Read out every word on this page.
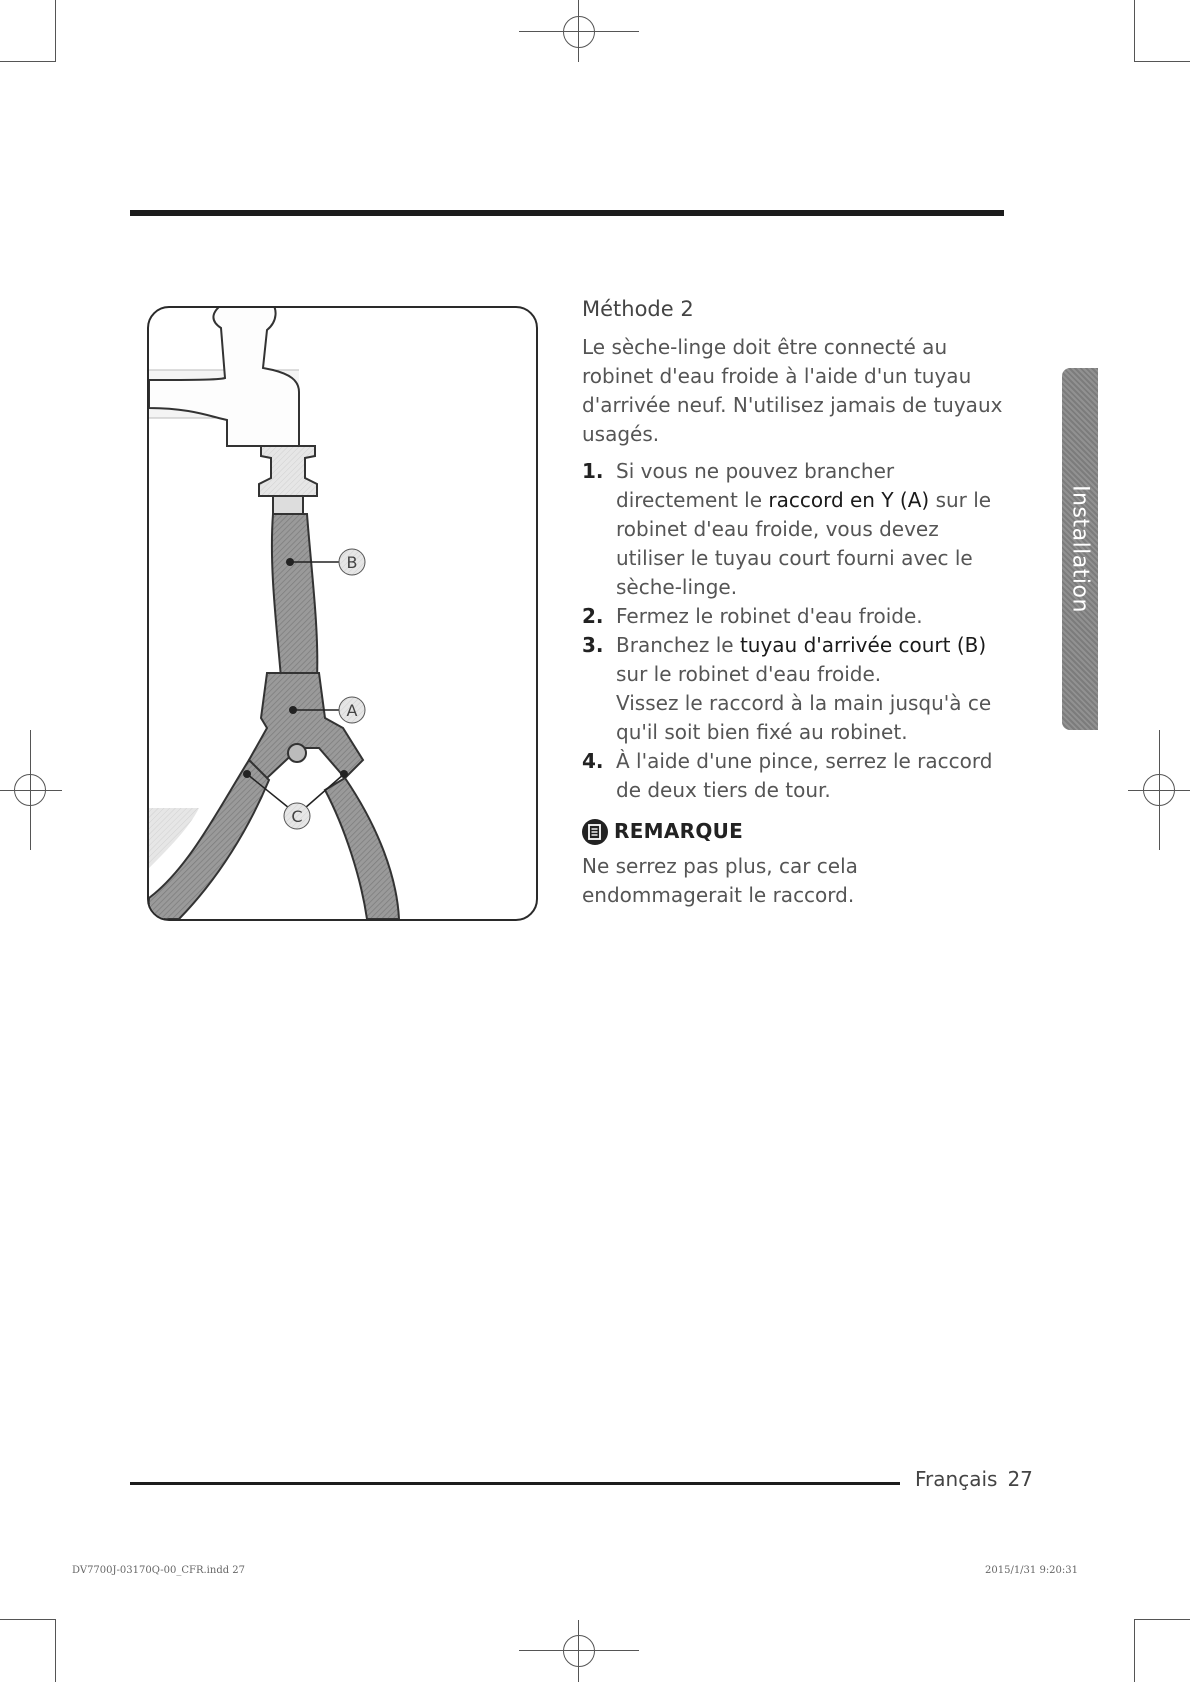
B
A
C

Méthode 2

Le sèche-linge doit être connecté au robinet d'eau froide à l'aide d'un tuyau d'arrivée neuf. N'utilisez jamais de tuyaux usagés.

1. Si vous ne pouvez brancher directement le raccord en Y (A) sur le robinet d'eau froide, vous devez utiliser le tuyau court fourni avec le sèche-linge.
2. Fermez le robinet d'eau froide.
3. Branchez le tuyau d'arrivée court (B) sur le robinet d'eau froide.

Vissez le raccord à la main jusqu'à ce qu'il soit bien fixé au robinet.

4. À l'aide d'une pince, serrez le raccord de deux tiers de tour.
REMARQUE

Ne serrez pas plus, car cela endommagerait le raccord.

Installation
Français 27
DV7700J-03170Q-00_CFR.indd 27	2015/1/31 9:20:31
